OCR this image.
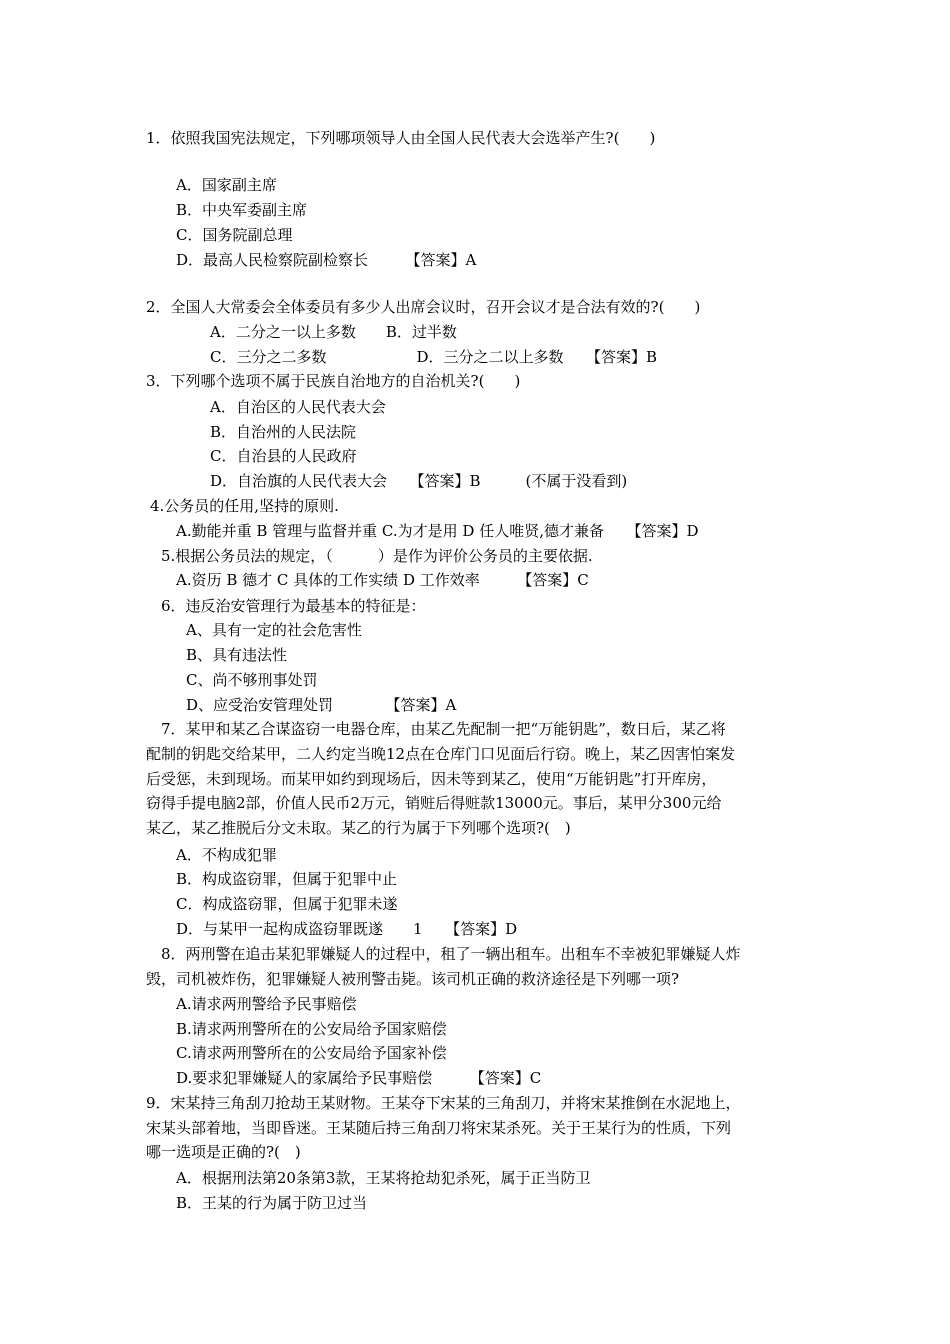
1．依照我国宪法规定，下列哪项领导人由全国人民代表大会选举产生?(　　)
A．国家副主席
B．中央军委副主席
C．国务院副总理
D．最高人民检察院副检察长　　　【答案】A
2．全国人大常委会全体委员有多少人出席会议时，召开会议才是合法有效的?(　　)
A．二分之一以上多数　　B．过半数
C．三分之二多数　　　　　　D．三分之二以上多数　　【答案】B
3．下列哪个选项不属于民族自治地方的自治机关?(　　)
A．自治区的人民代表大会
B．自治州的人民法院
C．自治县的人民政府
D．自治旗的人民代表大会　　【答案】B　　　(不属于没看到)
4.公务员的任用,坚持的原则.
A.勤能并重 B 管理与监督并重 C.为才是用 D 任人唯贤,德才兼备　　【答案】D
5.根据公务员法的规定，（　　　）是作为评价公务员的主要依据.
A.资历 B 德才 C 具体的工作实绩 D 工作效率　　　【答案】C
6．违反治安管理行为最基本的特征是：
A、具有一定的社会危害性
B、具有违法性
C、尚不够刑事处罚
D、应受治安管理处罚　　　　【答案】A
7．某甲和某乙合谋盗窃一电器仓库，由某乙先配制一把“万能钥匙”，数日后，某乙将
配制的钥匙交给某甲，二人约定当晚12点在仓库门口见面后行窃。晚上，某乙因害怕案发
后受惩，未到现场。而某甲如约到现场后，因未等到某乙，使用“万能钥匙”打开库房，
窃得手提电脑2部，价值人民币2万元，销赃后得赃款13000元。事后，某甲分300元给
某乙，某乙推脱后分文未取。某乙的行为属于下列哪个选项?(　)
A．不构成犯罪
B．构成盗窃罪，但属于犯罪中止
C．构成盗窃罪，但属于犯罪未遂
D．与某甲一起构成盗窃罪既遂　　1　　【答案】D
8．两刑警在追击某犯罪嫌疑人的过程中，租了一辆出租车。出租车不幸被犯罪嫌疑人炸
毁，司机被炸伤，犯罪嫌疑人被刑警击毙。该司机正确的救济途径是下列哪一项?
A.请求两刑警给予民事赔偿
B.请求两刑警所在的公安局给予国家赔偿
C.请求两刑警所在的公安局给予国家补偿
D.要求犯罪嫌疑人的家属给予民事赔偿　　　【答案】C
9．宋某持三角刮刀抢劫王某财物。王某夺下宋某的三角刮刀，并将宋某推倒在水泥地上，
宋某头部着地，当即昏迷。王某随后持三角刮刀将宋某杀死。关于王某行为的性质，下列
哪一选项是正确的?(　)
A．根据刑法第20条第3款，王某将抢劫犯杀死，属于正当防卫
B．王某的行为属于防卫过当
